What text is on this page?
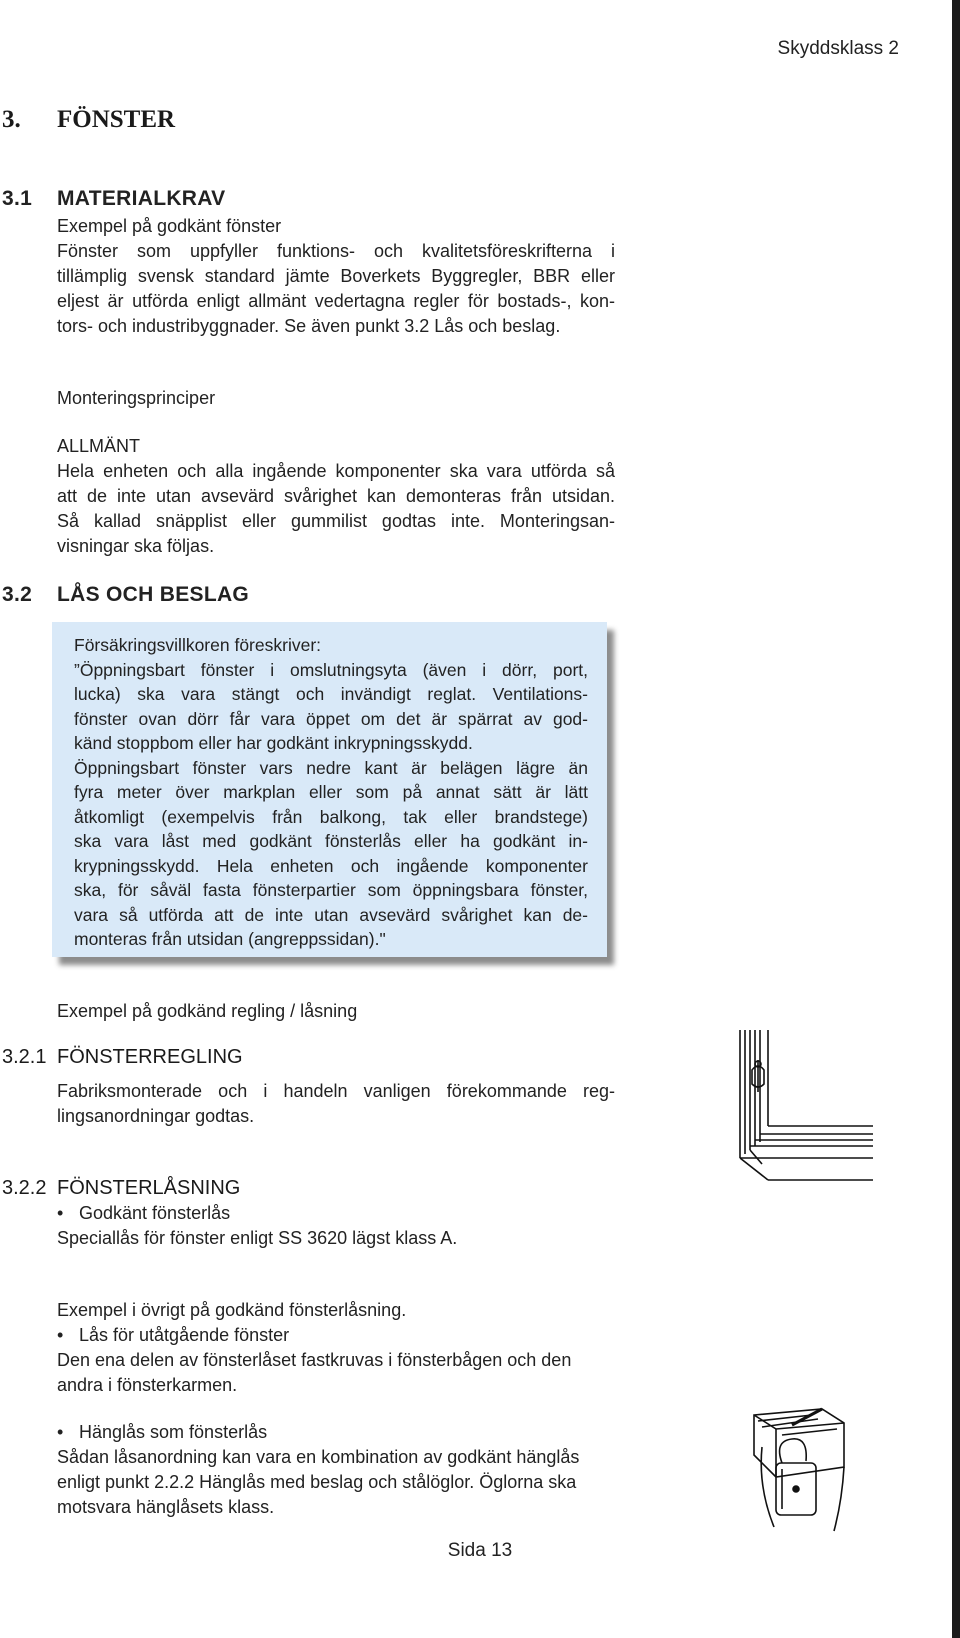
Skyddsklass 2
3. FÖNSTER
3.1 MATERIALKRAV
Exempel på godkänt fönster
Fönster som uppfyller funktions- och kvalitetsföreskrifterna i
tillämplig svensk standard jämte Boverkets Byggregler, BBR eller
eljest är utförda enligt allmänt vedertagna regler för bostads-, kon-
tors- och industribyggnader. Se även punkt 3.2 Lås och beslag.
Monteringsprinciper
ALLMÄNT
Hela enheten och alla ingående komponenter ska vara utförda så
att de inte utan avsevärd svårighet kan demonteras från utsidan.
Så kallad snäpplist eller gummilist godtas inte. Monteringsan-
visningar ska följas.
3.2 LÅS OCH BESLAG
Försäkringsvillkoren föreskriver:
”Öppningsbart fönster i omslutningsyta (även i dörr, port,
lucka) ska vara stängt och invändigt reglat. Ventilations-
fönster ovan dörr får vara öppet om det är spärrat av god-
känd stoppbom eller har godkänt inkrypningsskydd.
Öppningsbart fönster vars nedre kant är belägen lägre än
fyra meter över markplan eller som på annat sätt är lätt
åtkomligt (exempelvis från balkong, tak eller brandstege)
ska vara låst med godkänt fönsterlås eller ha godkänt in-
krypningsskydd. Hela enheten och ingående komponenter
ska, för såväl fasta fönsterpartier som öppningsbara fönster,
vara så utförda att de inte utan avsevärd svårighet kan de-
monteras från utsidan (angreppssidan)."
Exempel på godkänd regling / låsning
3.2.1 FÖNSTERREGLING
Fabriksmonterade och i handeln vanligen förekommande reg-
lingsanordningar godtas.
3.2.2 FÖNSTERLÅSNING
• Godkänt fönsterlås
Speciallås för fönster enligt SS 3620 lägst klass A.
Exempel i övrigt på godkänd fönsterlåsning.
• Lås för utåtgående fönster
Den ena delen av fönsterlåset fastkruvas i fönsterbågen och den
andra i fönsterkarmen.
• Hänglås som fönsterlås
Sådan låsanordning kan vara en kombination av godkänt hänglås
enligt punkt 2.2.2 Hänglås med beslag och stålöglor. Öglorna ska
motsvara hänglåsets klass.
Sida 13
